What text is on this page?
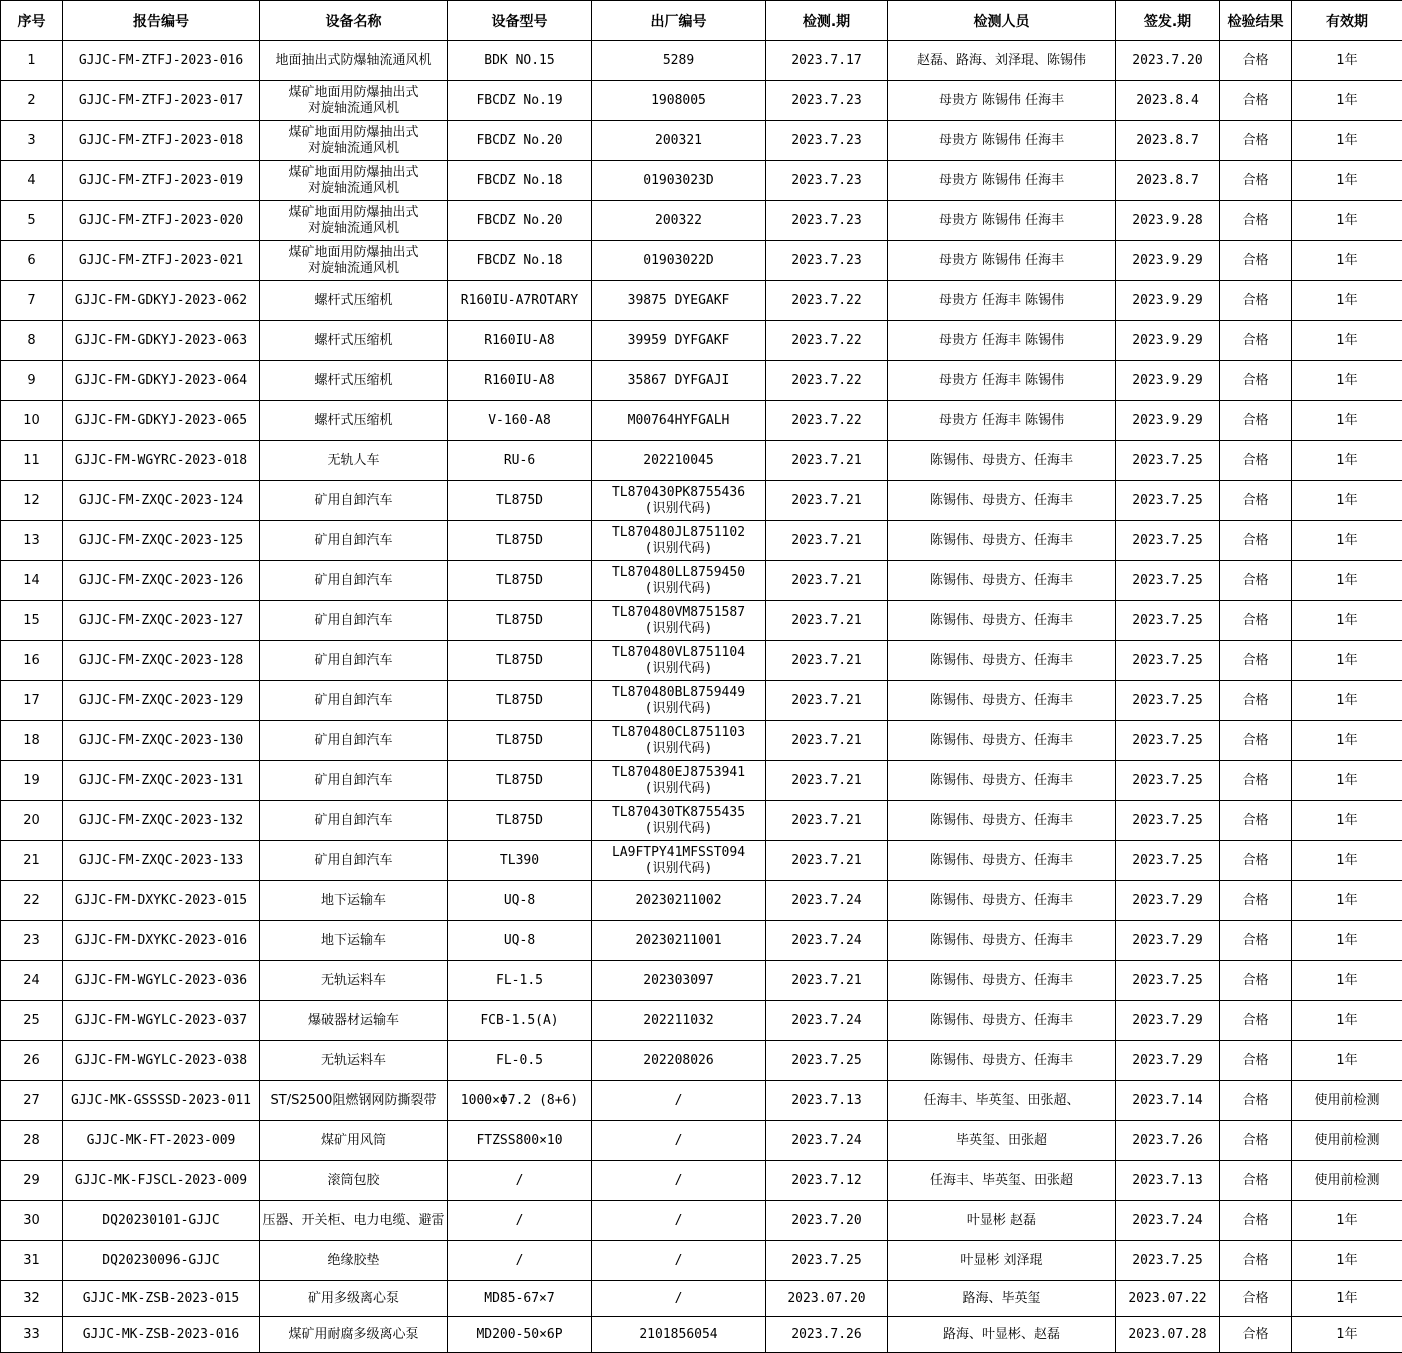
序号	报告编号	设备名称	设备型号	出厂编号	检测.期	检测人员	签发.期	检验结果	有效期
1	GJJC-FM-ZTFJ-2023-016	地面抽出式防爆轴流通风机	BDK NO.15	5289	2023.7.17	赵磊、路海、刘泽琨、陈锡伟	2023.7.20	合格	1年
2	GJJC-FM-ZTFJ-2023-017	煤矿地面用防爆抽出式
对旋轴流通风机	FBCDZ No.19	1908005	2023.7.23	母贵方 陈锡伟 任海丰	2023.8.4	合格	1年
3	GJJC-FM-ZTFJ-2023-018	煤矿地面用防爆抽出式
对旋轴流通风机	FBCDZ No.20	200321	2023.7.23	母贵方 陈锡伟 任海丰	2023.8.7	合格	1年
4	GJJC-FM-ZTFJ-2023-019	煤矿地面用防爆抽出式
对旋轴流通风机	FBCDZ No.18	01903023D	2023.7.23	母贵方 陈锡伟 任海丰	2023.8.7	合格	1年
5	GJJC-FM-ZTFJ-2023-020	煤矿地面用防爆抽出式
对旋轴流通风机	FBCDZ No.20	200322	2023.7.23	母贵方 陈锡伟 任海丰	2023.9.28	合格	1年
6	GJJC-FM-ZTFJ-2023-021	煤矿地面用防爆抽出式
对旋轴流通风机	FBCDZ No.18	01903022D	2023.7.23	母贵方 陈锡伟 任海丰	2023.9.29	合格	1年
7	GJJC-FM-GDKYJ-2023-062	螺杆式压缩机	R160IU-A7ROTARY	39875 DYEGAKF	2023.7.22	母贵方 任海丰 陈锡伟	2023.9.29	合格	1年
8	GJJC-FM-GDKYJ-2023-063	螺杆式压缩机	R160IU-A8	39959 DYFGAKF	2023.7.22	母贵方 任海丰 陈锡伟	2023.9.29	合格	1年
9	GJJC-FM-GDKYJ-2023-064	螺杆式压缩机	R160IU-A8	35867 DYFGAJI	2023.7.22	母贵方 任海丰 陈锡伟	2023.9.29	合格	1年
10	GJJC-FM-GDKYJ-2023-065	螺杆式压缩机	V-160-A8	M00764HYFGALH	2023.7.22	母贵方 任海丰 陈锡伟	2023.9.29	合格	1年
11	GJJC-FM-WGYRC-2023-018	无轨人车	RU-6	202210045	2023.7.21	陈锡伟、母贵方、任海丰	2023.7.25	合格	1年
12	GJJC-FM-ZXQC-2023-124	矿用自卸汽车	TL875D	TL870430PK8755436
(识别代码)	2023.7.21	陈锡伟、母贵方、任海丰	2023.7.25	合格	1年
13	GJJC-FM-ZXQC-2023-125	矿用自卸汽车	TL875D	TL870480JL8751102
(识别代码)	2023.7.21	陈锡伟、母贵方、任海丰	2023.7.25	合格	1年
14	GJJC-FM-ZXQC-2023-126	矿用自卸汽车	TL875D	TL870480LL8759450
(识别代码)	2023.7.21	陈锡伟、母贵方、任海丰	2023.7.25	合格	1年
15	GJJC-FM-ZXQC-2023-127	矿用自卸汽车	TL875D	TL870480VM8751587
(识别代码)	2023.7.21	陈锡伟、母贵方、任海丰	2023.7.25	合格	1年
16	GJJC-FM-ZXQC-2023-128	矿用自卸汽车	TL875D	TL870480VL8751104
(识别代码)	2023.7.21	陈锡伟、母贵方、任海丰	2023.7.25	合格	1年
17	GJJC-FM-ZXQC-2023-129	矿用自卸汽车	TL875D	TL870480BL8759449
(识别代码)	2023.7.21	陈锡伟、母贵方、任海丰	2023.7.25	合格	1年
18	GJJC-FM-ZXQC-2023-130	矿用自卸汽车	TL875D	TL870480CL8751103
(识别代码)	2023.7.21	陈锡伟、母贵方、任海丰	2023.7.25	合格	1年
19	GJJC-FM-ZXQC-2023-131	矿用自卸汽车	TL875D	TL870480EJ8753941
(识别代码)	2023.7.21	陈锡伟、母贵方、任海丰	2023.7.25	合格	1年
20	GJJC-FM-ZXQC-2023-132	矿用自卸汽车	TL875D	TL870430TK8755435
(识别代码)	2023.7.21	陈锡伟、母贵方、任海丰	2023.7.25	合格	1年
21	GJJC-FM-ZXQC-2023-133	矿用自卸汽车	TL390	LA9FTPY41MFSST094
(识别代码)	2023.7.21	陈锡伟、母贵方、任海丰	2023.7.25	合格	1年
22	GJJC-FM-DXYKC-2023-015	地下运输车	UQ-8	20230211002	2023.7.24	陈锡伟、母贵方、任海丰	2023.7.29	合格	1年
23	GJJC-FM-DXYKC-2023-016	地下运输车	UQ-8	20230211001	2023.7.24	陈锡伟、母贵方、任海丰	2023.7.29	合格	1年
24	GJJC-FM-WGYLC-2023-036	无轨运料车	FL-1.5	202303097	2023.7.21	陈锡伟、母贵方、任海丰	2023.7.25	合格	1年
25	GJJC-FM-WGYLC-2023-037	爆破器材运输车	FCB-1.5(A)	202211032	2023.7.24	陈锡伟、母贵方、任海丰	2023.7.29	合格	1年
26	GJJC-FM-WGYLC-2023-038	无轨运料车	FL-0.5	202208026	2023.7.25	陈锡伟、母贵方、任海丰	2023.7.29	合格	1年
27	GJJC-MK-GSSSSD-2023-011	ST/S2500阻燃钢网防撕裂带	1000×Φ7.2 (8+6)	/	2023.7.13	任海丰、毕英玺、田张超、	2023.7.14	合格	使用前检测
28	GJJC-MK-FT-2023-009	煤矿用风筒	FTZSS800×10	/	2023.7.24	毕英玺、田张超	2023.7.26	合格	使用前检测
29	GJJC-MK-FJSCL-2023-009	滚筒包胶	/	/	2023.7.12	任海丰、毕英玺、田张超	2023.7.13	合格	使用前检测
30	DQ20230101-GJJC	压器、开关柜、电力电缆、避雷	/	/	2023.7.20	叶显彬 赵磊	2023.7.24	合格	1年
31	DQ20230096-GJJC	绝缘胶垫	/	/	2023.7.25	叶显彬 刘泽琨	2023.7.25	合格	1年
32	GJJC-MK-ZSB-2023-015	矿用多级离心泵	MD85-67×7	/	2023.07.20	路海、毕英玺	2023.07.22	合格	1年
33	GJJC-MK-ZSB-2023-016	煤矿用耐腐多级离心泵	MD200-50×6P	2101856054	2023.7.26	路海、叶显彬、赵磊	2023.07.28	合格	1年
